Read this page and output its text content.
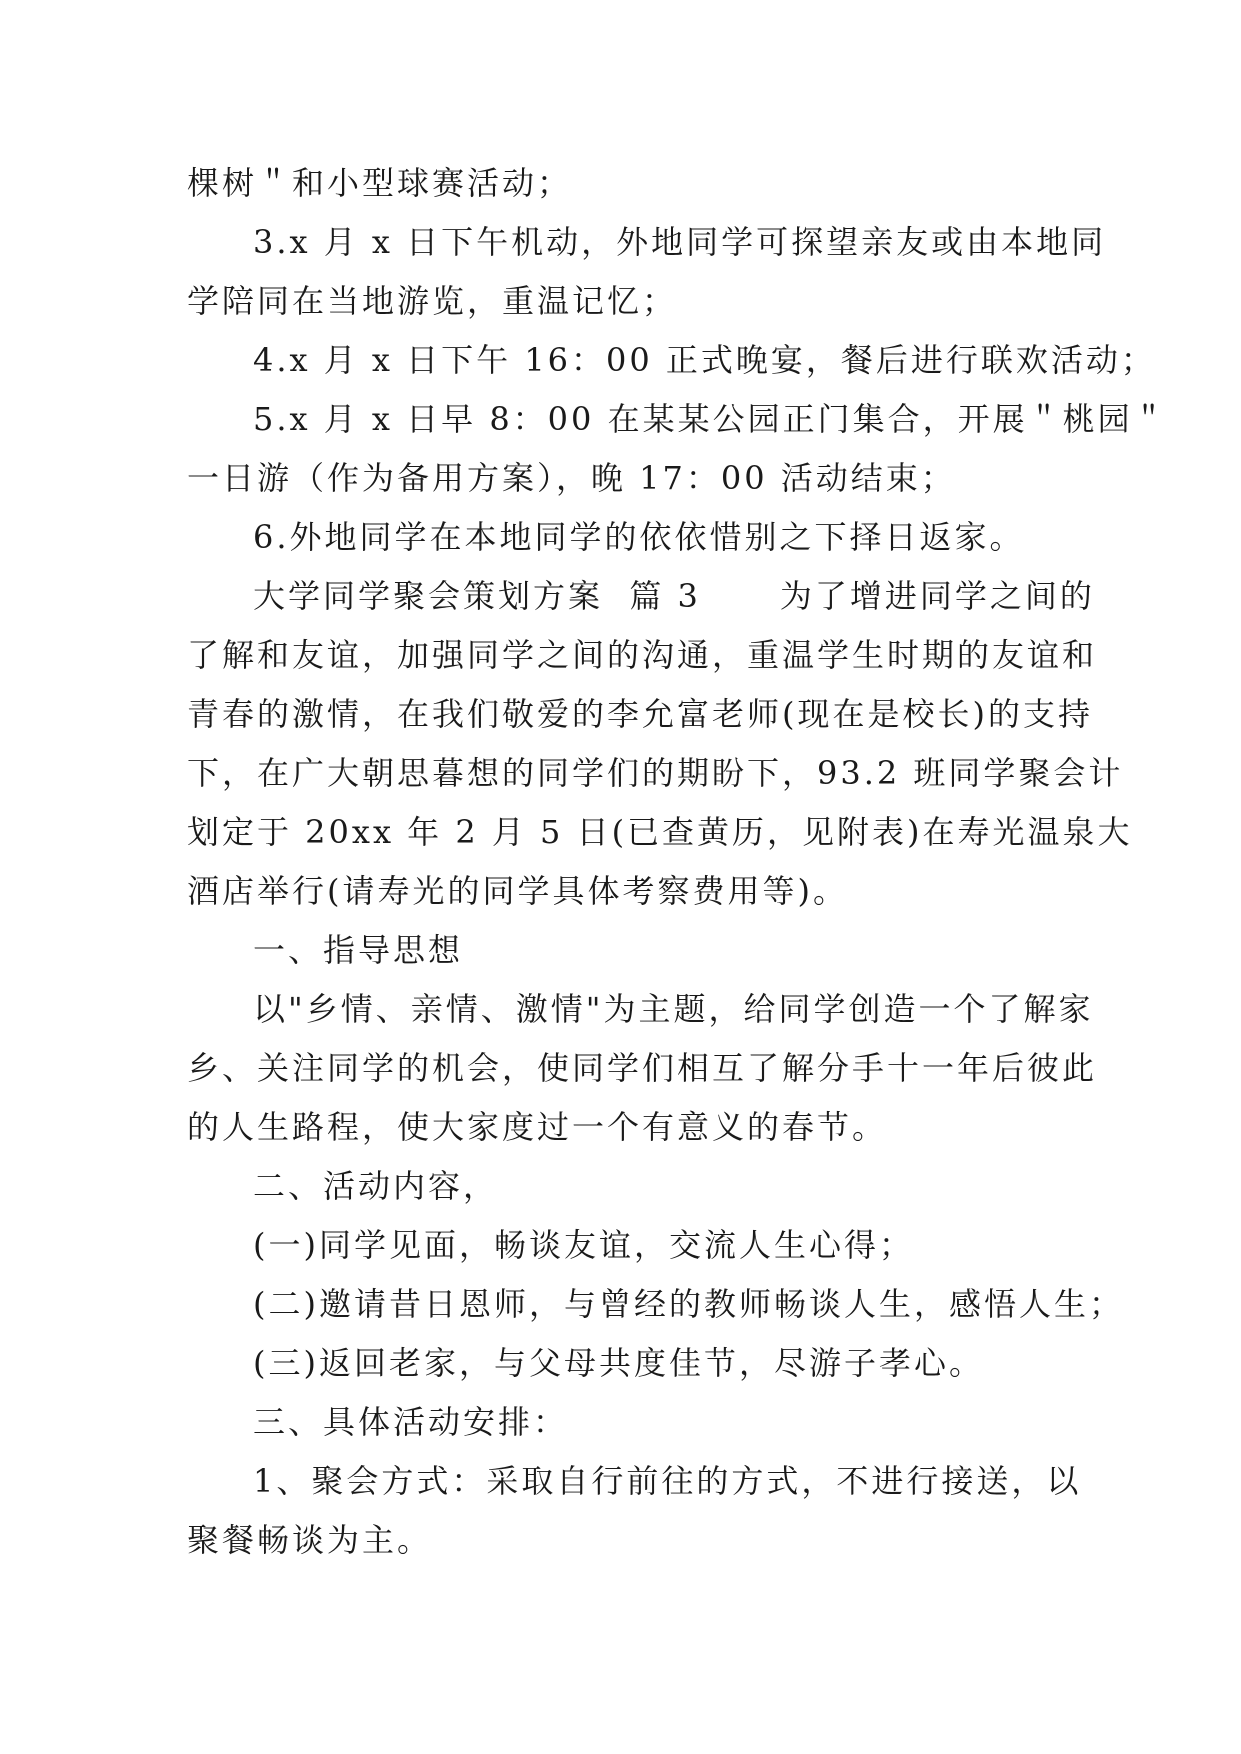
棵树＂和小型球赛活动；

3.x 月 x 日下午机动，外地同学可探望亲友或由本地同

学陪同在当地游览，重温记忆；

4.x 月 x 日下午 16：00 正式晚宴，餐后进行联欢活动；

5.x 月 x 日早 8：00 在某某公园正门集合，开展＂桃园＂

一日游（作为备用方案），晚 17：00 活动结束；

6.外地同学在本地同学的依依惜别之下择日返家。

大学同学聚会策划方案  篇 3      为了增进同学之间的

了解和友谊，加强同学之间的沟通，重温学生时期的友谊和

青春的激情，在我们敬爱的李允富老师(现在是校长)的支持

下，在广大朝思暮想的同学们的期盼下，93.2 班同学聚会计

划定于 20xx 年 2 月 5 日(已查黄历，见附表)在寿光温泉大

酒店举行(请寿光的同学具体考察费用等)。

一、指导思想

以"乡情、亲情、激情"为主题，给同学创造一个了解家

乡、关注同学的机会，使同学们相互了解分手十一年后彼此

的人生路程，使大家度过一个有意义的春节。

二、活动内容，

(一)同学见面，畅谈友谊，交流人生心得；

(二)邀请昔日恩师，与曾经的教师畅谈人生，感悟人生；

(三)返回老家，与父母共度佳节，尽游子孝心。

三、具体活动安排：

1、聚会方式：采取自行前往的方式，不进行接送，以

聚餐畅谈为主。
